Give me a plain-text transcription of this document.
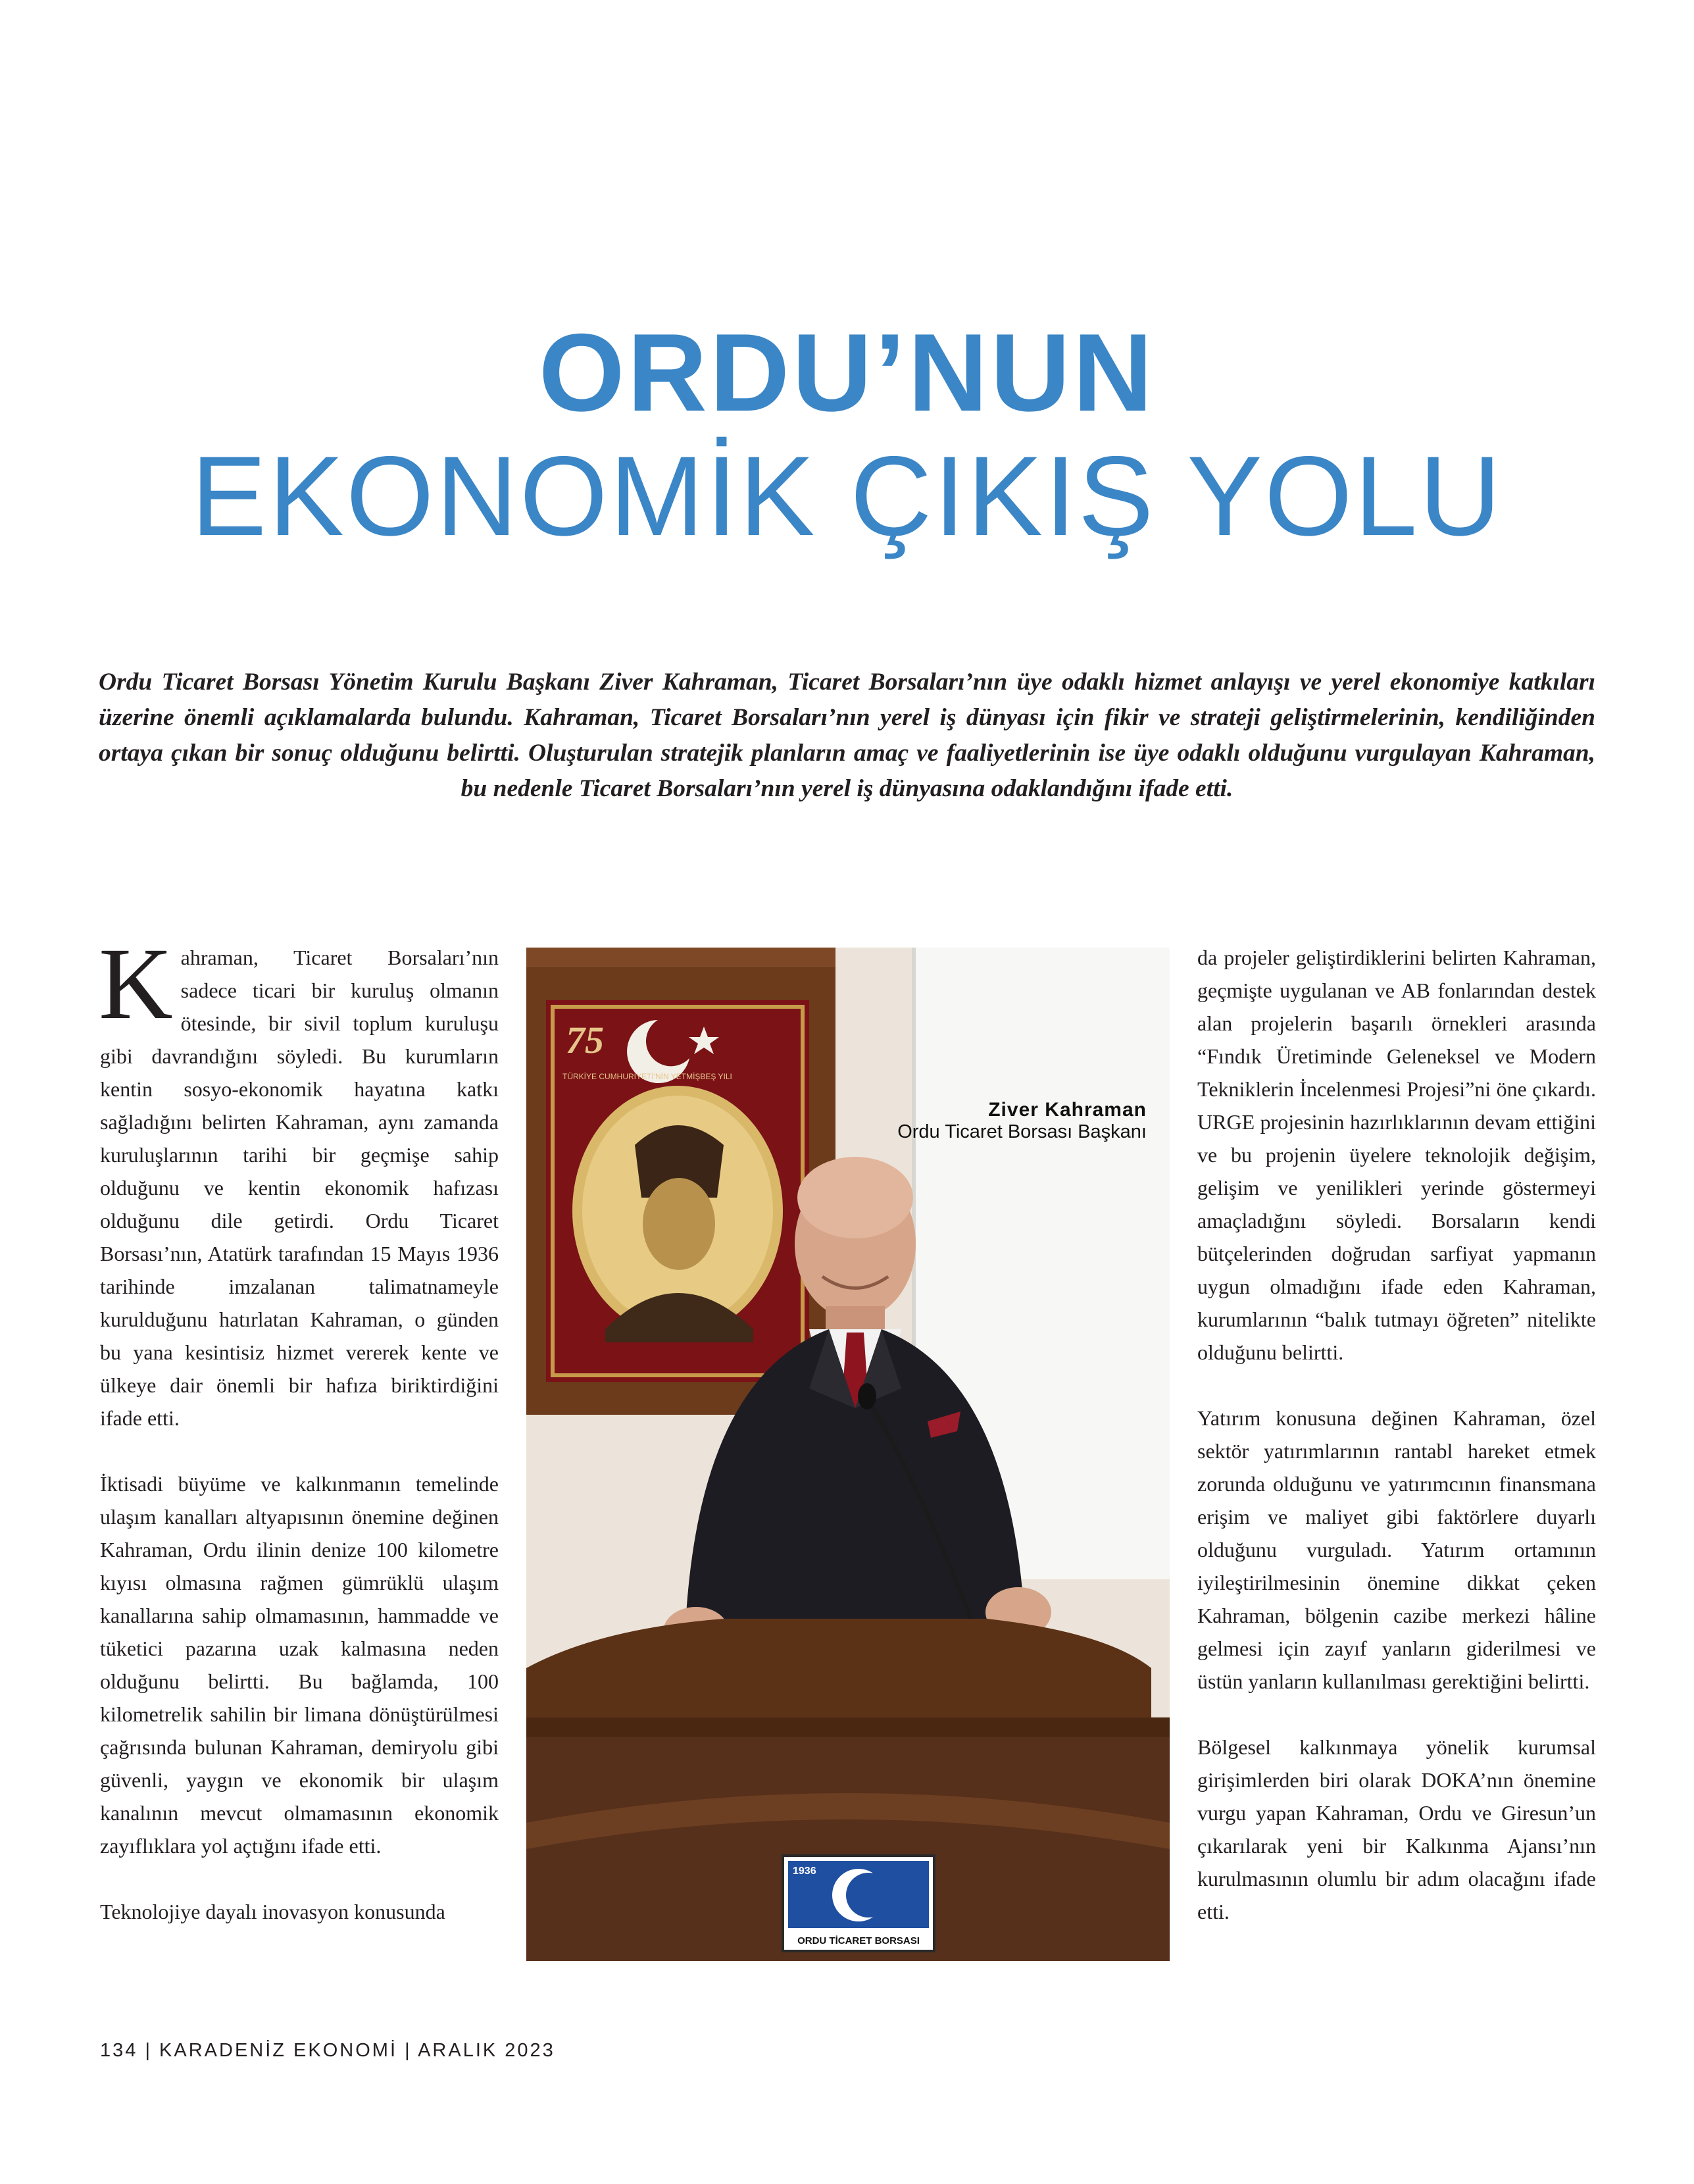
ORDU’NUN
EKONOMİK ÇIKIŞ YOLU

Ordu Ticaret Borsası Yönetim Kurulu Başkanı Ziver Kahraman, Ticaret Borsaları’nın üye odaklı hizmet anlayışı ve yerel ekonomiye katkıları üzerine önemli açıklamalarda bulundu. Kahraman, Ticaret Borsaları’nın yerel iş dünyası için fikir ve strateji geliştirmelerinin, kendiliğinden ortaya çıkan bir sonuç olduğunu belirtti. Oluşturulan stratejik planların amaç ve faaliyetlerinin ise üye odaklı olduğunu vurgulayan Kahraman, bu nedenle Ticaret Borsaları’nın yerel iş dünyasına odaklandığını ifade etti.

Kahraman, Ticaret Borsaları’nın sadece ticari bir kuruluş olmanın ötesinde, bir sivil toplum kuruluşu gibi davrandığını söyledi. Bu kurumların kentin sosyo-ekonomik hayatına katkı sağladığını belirten Kahraman, aynı zamanda kuruluşlarının tarihi bir geçmişe sahip olduğunu ve kentin ekonomik hafızası olduğunu dile getirdi. Ordu Ticaret Borsası’nın, Atatürk tarafından 15 Mayıs 1936 tarihinde imzalanan talimatnameyle kurulduğunu hatırlatan Kahraman, o günden bu yana kesintisiz hizmet vererek kente ve ülkeye dair önemli bir hafıza biriktirdiğini ifade etti.

İktisadi büyüme ve kalkınmanın temelinde ulaşım kanalları altyapısının önemine değinen Kahraman, Ordu ilinin denize 100 kilometre kıyısı olmasına rağmen gümrüklü ulaşım kanallarına sahip olmamasının, hammadde ve tüketici pazarına uzak kalmasına neden olduğunu belirtti. Bu bağlamda, 100 kilometrelik sahilin bir limana dönüştürülmesi çağrısında bulunan Kahraman, demiryolu gibi güvenli, yaygın ve ekonomik bir ulaşım kanalının mevcut olmamasının ekonomik zayıflıklara yol açtığını ifade etti.

Teknolojiye dayalı inovasyon konusunda

75
TÜRKİYE CUMHURİYETİ'NİN YETMİŞBEŞ YILI
1936
ORDU TİCARET BORSASI
Ziver Kahraman
Ordu Ticaret Borsası Başkanı

da projeler geliştirdiklerini belirten Kahraman, geçmişte uygulanan ve AB fonlarından destek alan projelerin başarılı örnekleri arasında “Fındık Üretiminde Geleneksel ve Modern Tekniklerin İncelenmesi Projesi”ni öne çıkardı. URGE projesinin hazırlıklarının devam ettiğini ve bu projenin üyelere teknolojik değişim, gelişim ve yenilikleri yerinde göstermeyi amaçladığını söyledi. Borsaların kendi bütçelerinden doğrudan sarfiyat yapmanın uygun olmadığını ifade eden Kahraman, kurumlarının “balık tutmayı öğreten” nitelikte olduğunu belirtti.

Yatırım konusuna değinen Kahraman, özel sektör yatırımlarının rantabl hareket etmek zorunda olduğunu ve yatırımcının finansmana erişim ve maliyet gibi faktörlere duyarlı olduğunu vurguladı. Yatırım ortamının iyileştirilmesinin önemine dikkat çeken Kahraman, bölgenin cazibe merkezi hâline gelmesi için zayıf yanların giderilmesi ve üstün yanların kullanılması gerektiğini belirtti.

Bölgesel kalkınmaya yönelik kurumsal girişimlerden biri olarak DOKA’nın önemine vurgu yapan Kahraman, Ordu ve Giresun’un çıkarılarak yeni bir Kalkınma Ajansı’nın kurulmasının olumlu bir adım olacağını ifade etti.

134 | KARADENİZ EKONOMİ | ARALIK 2023
